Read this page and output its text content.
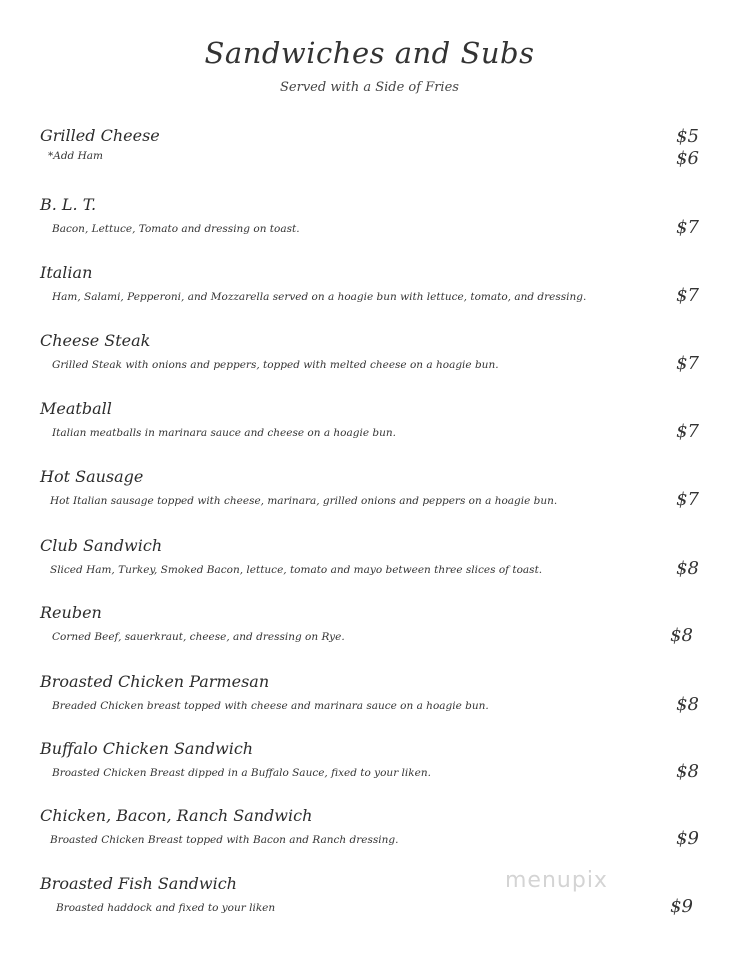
Sandwiches and Subs
Served with a Side of Fries
Grilled Cheese	$5
*Add Ham	$6
B. L. T.
Bacon, Lettuce, Tomato and dressing on toast.	$7
Italian
Ham, Salami, Pepperoni, and Mozzarella served on a hoagie bun with lettuce, tomato, and dressing.	$7
Cheese Steak
Grilled Steak with onions and peppers, topped with melted cheese on a hoagie bun.	$7
Meatball
Italian meatballs in marinara sauce and cheese on a hoagie bun.	$7
Hot Sausage
Hot Italian sausage topped with cheese, marinara, grilled onions and peppers on a hoagie bun.	$7
Club Sandwich
Sliced Ham, Turkey, Smoked Bacon, lettuce, tomato and mayo between three slices of toast.	$8
Reuben
Corned Beef, sauerkraut, cheese, and dressing on Rye.	$8
Broasted Chicken Parmesan
Breaded Chicken breast topped with cheese and marinara sauce on a hoagie bun.	$8
Buffalo Chicken Sandwich
Broasted Chicken Breast dipped in a Buffalo Sauce, fixed to your liken.	$8
Chicken, Bacon, Ranch Sandwich
Broasted Chicken Breast topped with Bacon and Ranch dressing.	$9
Broasted Fish Sandwich
Broasted haddock and fixed to your liken	$9
menupix
